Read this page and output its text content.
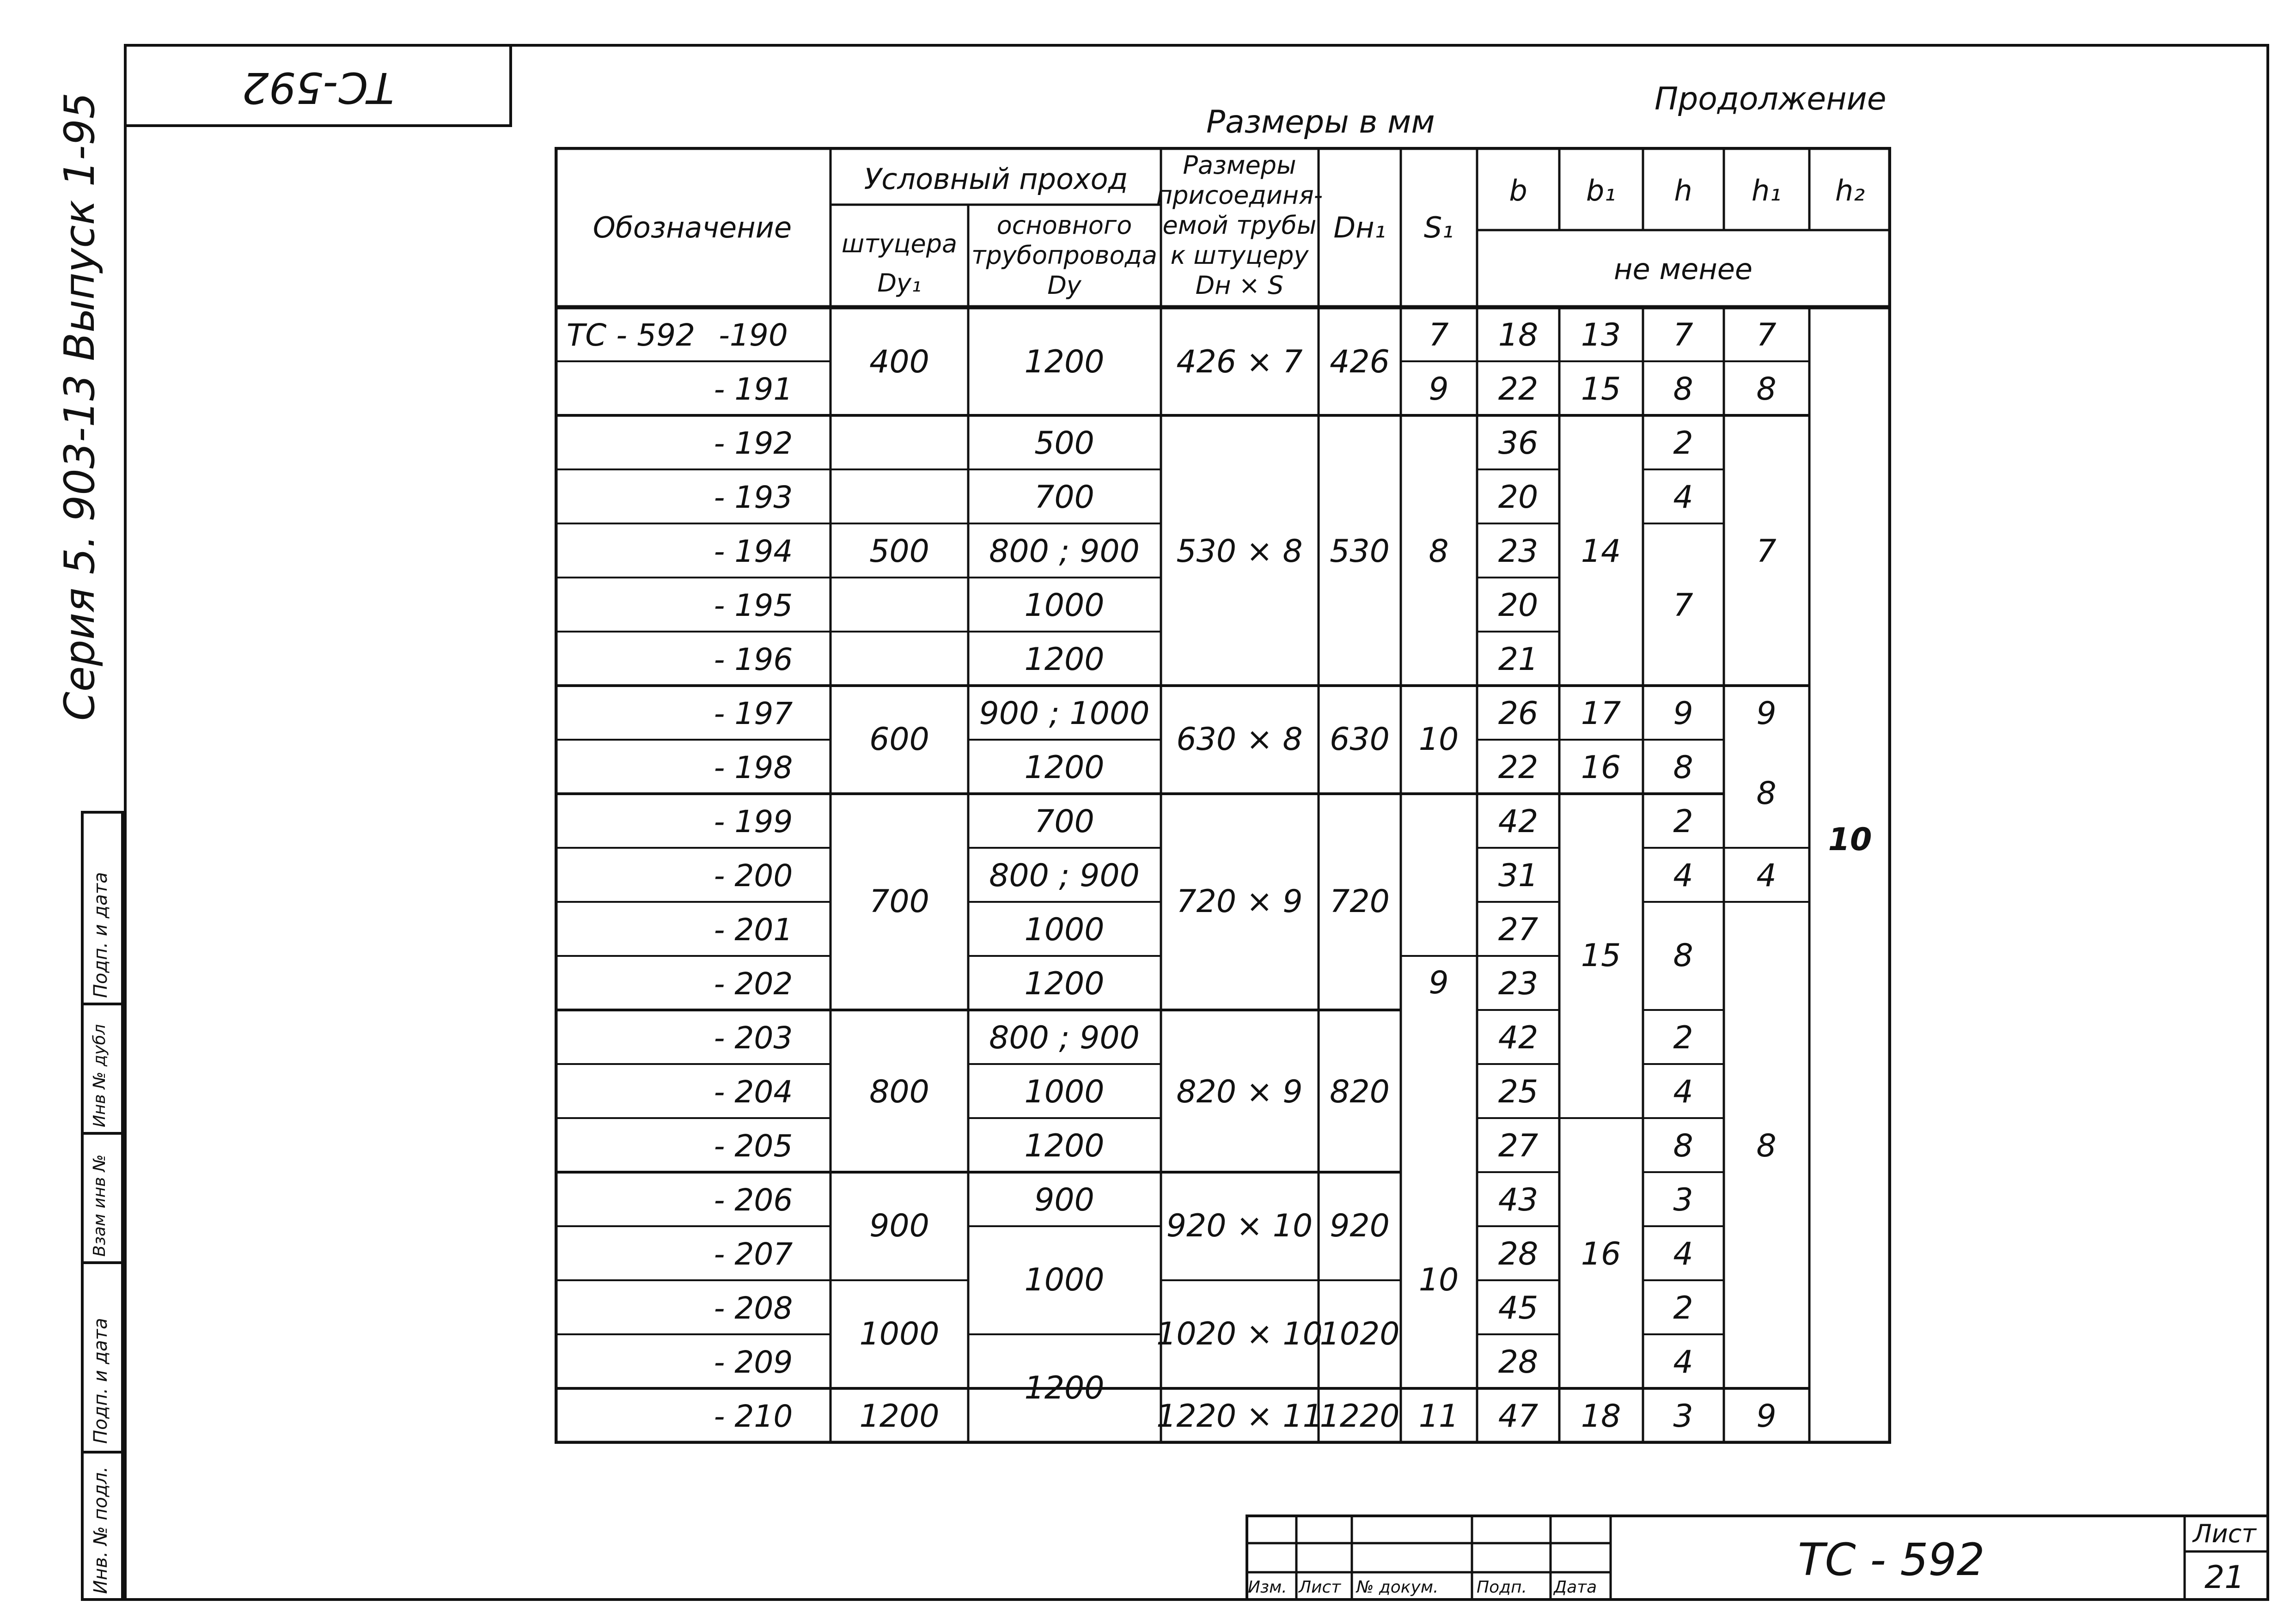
ТС-592
Серия 5. 903-13 Выпуск 1-95	Размеры в мм
Продолжение
Обозначение
Условный проход
штуцера
Dу₁
основного
трубопровода
Dу
Размеры
присоединя-
емой трубы
к штуцеру
Dн × S
Dн₁ S₁
b b₁ h h₁ h₂
не менее
ТС - 592 -190
- 191
- 192
- 193
- 194
- 195
- 196
- 197
- 198
- 199
- 200
- 201
- 202
- 203
- 204
- 205
- 206
- 207
- 208
- 209
- 210
400
500
600
700
800
900
1000
1200
1200
500
700
800 ; 900
1000
1200
900 ; 1000
1200
700
800 ; 900
1000
1200
800 ; 900
1000
1200
900
1000
1200
426 × 7
530 × 8
630 × 8
720 × 9
820 × 9
920 × 10
1020 × 10
1220 × 11
426
530
630
720
820
920
1020
1220
7
9
8
10
9
10
11
18
22
36
20
23
20
21
26
22
42
31
27
23
42
25
27
43
28
45
28
47
13
15
14
17
16
15
16
18
7
8
2
4
7
9
8
2
4
8
2
4
8
3
4
2
4
3
7
8
7
9
8
4
8
9
10
Инв. № подл.
Подп. и дата
Взам инв №
Инв № дубл
Подп. и дата
Изм. Лист № докум. Подп. Дата
ТС - 592
Лист
21
